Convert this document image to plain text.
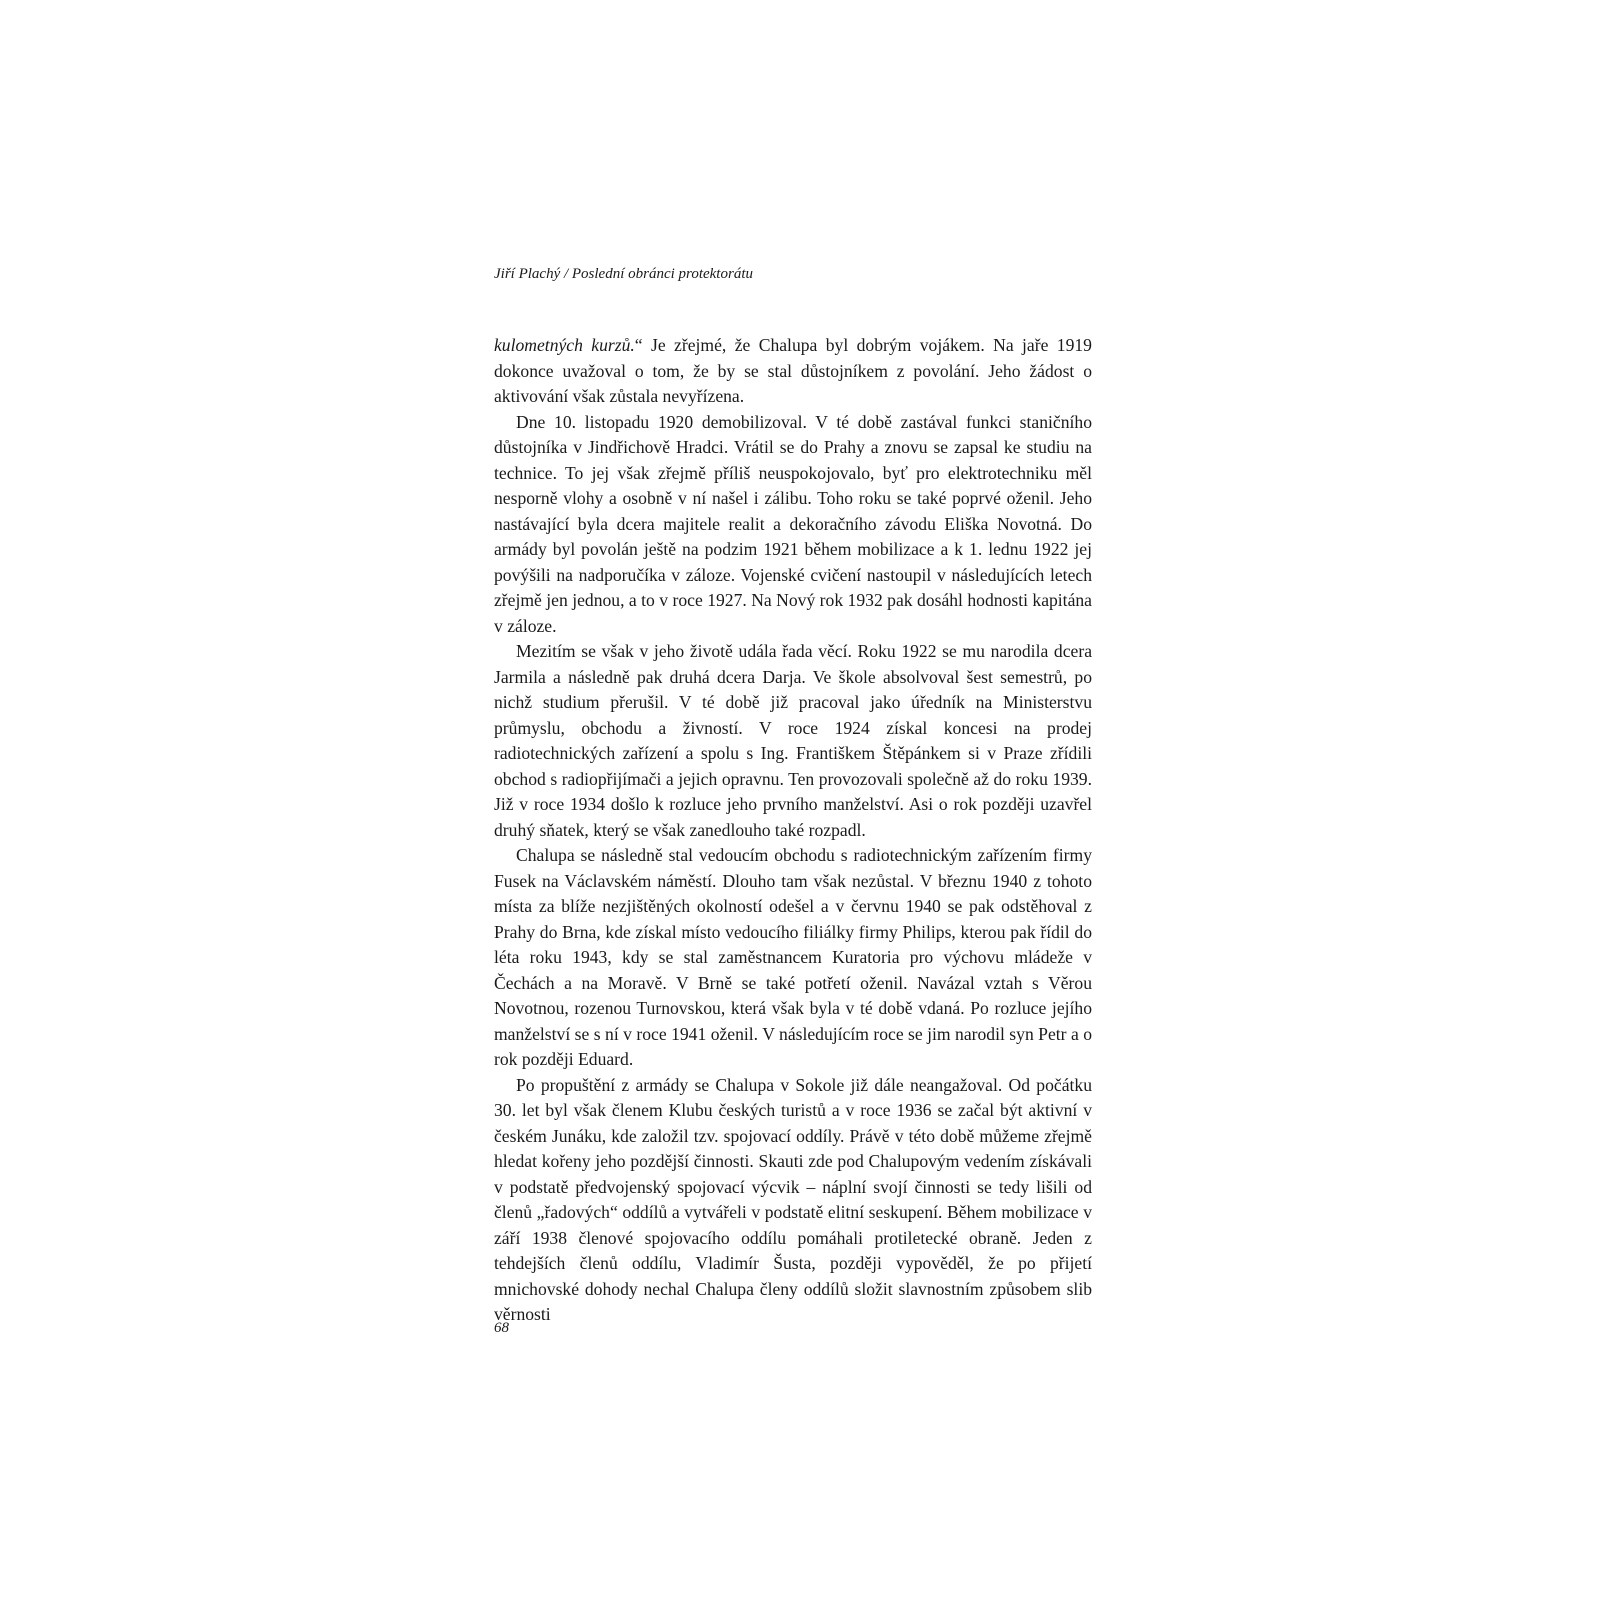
Jiří Plachý / Poslední obránci protektorátu

kulometných kurzů.“ Je zřejmé, že Chalupa byl dobrým vojákem. Na jaře 1919 dokonce uvažoval o tom, že by se stal důstojníkem z povolání. Jeho žádost o aktivování však zůstala nevyřízena.

Dne 10. listopadu 1920 demobilizoval. V té době zastával funkci staničního důstojníka v Jindřichově Hradci. Vrátil se do Prahy a znovu se zapsal ke studiu na technice. To jej však zřejmě příliš neuspokojovalo, byť pro elektrotechniku měl nesporně vlohy a osobně v ní našel i zálibu. Toho roku se také poprvé oženil. Jeho nastávající byla dcera majitele realit a dekoračního závodu Eliška Novotná. Do armády byl povolán ještě na podzim 1921 během mobilizace a k 1. lednu 1922 jej povýšili na nadporučíka v záloze. Vojenské cvičení nastoupil v následujících letech zřejmě jen jednou, a to v roce 1927. Na Nový rok 1932 pak dosáhl hodnosti kapitána v záloze.

Mezitím se však v jeho životě udála řada věcí. Roku 1922 se mu narodila dcera Jarmila a následně pak druhá dcera Darja. Ve škole absolvoval šest semestrů, po nichž studium přerušil. V té době již pracoval jako úředník na Ministerstvu průmyslu, obchodu a živností. V roce 1924 získal koncesi na prodej radiotechnických zařízení a spolu s Ing. Františkem Štěpánkem si v Praze zřídili obchod s radiopřijímači a jejich opravnu. Ten provozovali společně až do roku 1939. Již v roce 1934 došlo k rozluce jeho prvního manželství. Asi o rok později uzavřel druhý sňatek, který se však zanedlouho také rozpadl.

Chalupa se následně stal vedoucím obchodu s radiotechnickým zařízením firmy Fusek na Václavském náměstí. Dlouho tam však nezůstal. V březnu 1940 z tohoto místa za blíže nezjištěných okolností odešel a v červnu 1940 se pak odstěhoval z Prahy do Brna, kde získal místo vedoucího filiálky firmy Philips, kterou pak řídil do léta roku 1943, kdy se stal zaměstnancem Kuratoria pro výchovu mládeže v Čechách a na Moravě. V Brně se také potřetí oženil. Navázal vztah s Věrou Novotnou, rozenou Turnovskou, která však byla v té době vdaná. Po rozluce jejího manželství se s ní v roce 1941 oženil. V následujícím roce se jim narodil syn Petr a o rok později Eduard.

Po propuštění z armády se Chalupa v Sokole již dále neangažoval. Od počátku 30. let byl však členem Klubu českých turistů a v roce 1936 se začal být aktivní v českém Junáku, kde založil tzv. spojovací oddíly. Právě v této době můžeme zřejmě hledat kořeny jeho pozdější činnosti. Skauti zde pod Chalupovým vedením získávali v podstatě předvojenský spojovací výcvik – náplní svojí činnosti se tedy lišili od členů „řadových“ oddílů a vytvářeli v podstatě elitní seskupení. Během mobilizace v září 1938 členové spojovacího oddílu pomáhali protiletecké obraně. Jeden z tehdejších členů oddílu, Vladimír Šusta, později vypověděl, že po přijetí mnichovské dohody nechal Chalupa členy oddílů složit slavnostním způsobem slib věrnosti

68
